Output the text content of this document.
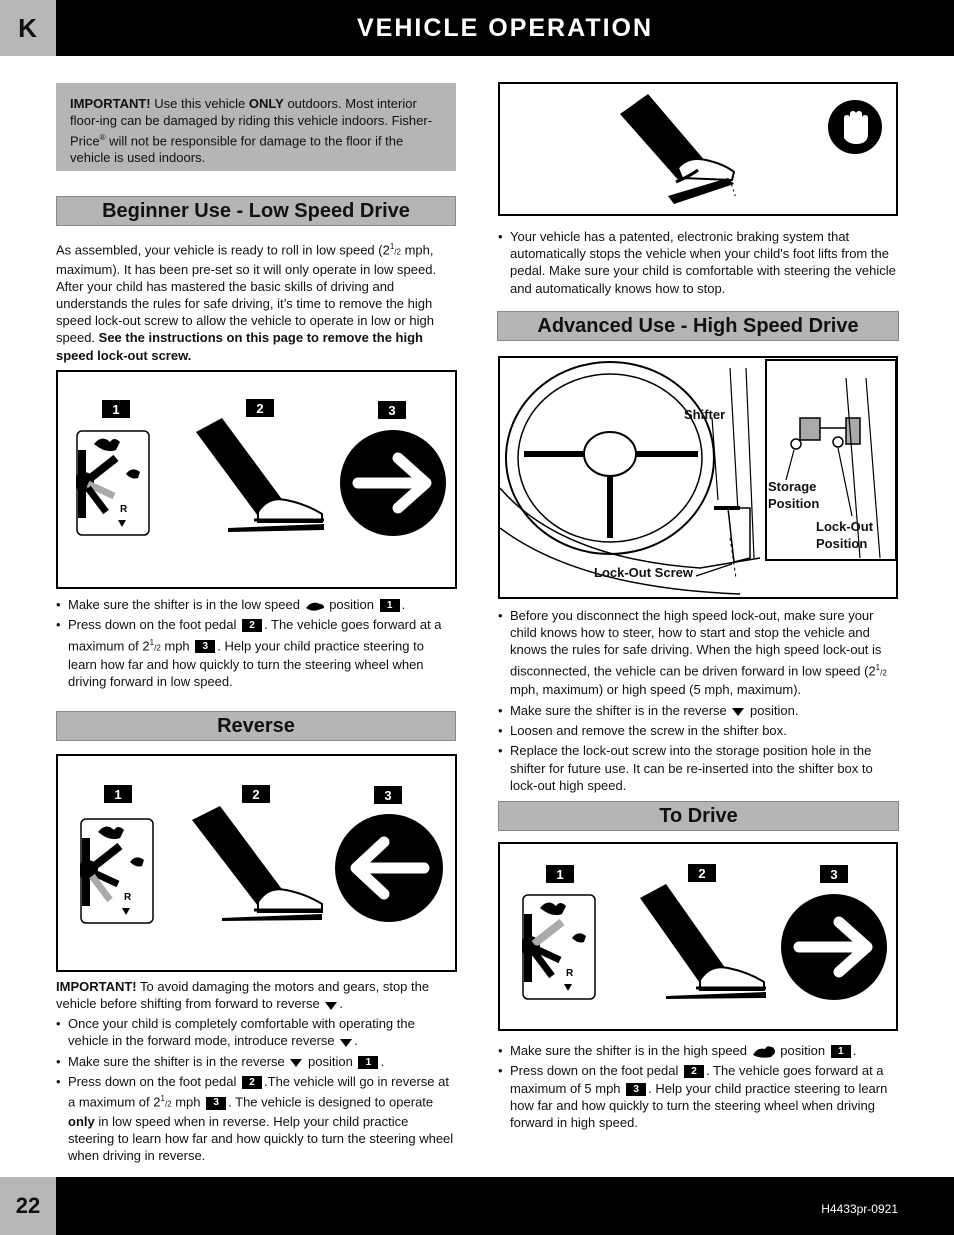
K	VEHICLE OPERATION
IMPORTANT! Use this vehicle ONLY outdoors. Most interior floor-ing can be damaged by riding this vehicle indoors. Fisher-Price® will not be responsible for damage to the floor if the vehicle is used indoors.
Beginner Use - Low Speed Drive
As assembled, your vehicle is ready to roll in low speed ($2^1/2$ mph, maximum). It has been pre-set so it will only operate in low speed. After your child has mastered the basic skills of driving and understands the rules for safe driving, it’s time to remove the high speed lock-out screw to allow the vehicle to operate in low or high speed. See the instructions on this page to remove the high speed lock-out screw.
1	2	3
R
• Make sure the shifter is in the low speed position 1 .
• Press down on the foot pedal 2 . The vehicle goes forward at a maximum of $2^1/2$ mph 3 . Help your child practice steering to learn how far and how quickly to turn the steering wheel when driving forward in low speed.
Reverse
1	2	3
R
IMPORTANT! To avoid damaging the motors and gears, stop the vehicle before shifting from forward to reverse .
• Once your child is completely comfortable with operating the vehicle in the forward mode, introduce reverse .
• Make sure the shifter is in the reverse position 1 .
• Press down on the foot pedal 2 .The vehicle will go in reverse at a maximum of $2^1/2$ mph 3 . The vehicle is designed to operate only in low speed when in reverse. Help your child practice steering to learn how far and how quickly to turn the steering wheel when driving in reverse.
• Your vehicle has a patented, electronic braking system that automatically stops the vehicle when your child's foot lifts from the pedal. Make sure your child is comfortable with steering the vehicle and automatically knows how to stop.
Advanced Use - High Speed Drive
Shifter
Storage Position
Lock-Out Position
Lock-Out Screw
• Before you disconnect the high speed lock-out, make sure your child knows how to steer, how to start and stop the vehicle and knows the rules for safe driving. When the high speed lock-out is disconnected, the vehicle can be driven forward in low speed ($2^1/2$ mph, maximum) or high speed (5 mph, maximum).
• Make sure the shifter is in the reverse position.
• Loosen and remove the screw in the shifter box.
• Replace the lock-out screw into the storage position hole in the shifter for future use. It can be re-inserted into the shifter box to lock-out high speed.
To Drive
1	2	3
R
• Make sure the shifter is in the high speed	position 1 .
• Press down on the foot pedal 2 . The vehicle goes forward at a maximum of 5 mph 3 . Help your child practice steering to learn how far and how quickly to turn the steering wheel when driving forward in high speed.
22	H4433pr-0921
